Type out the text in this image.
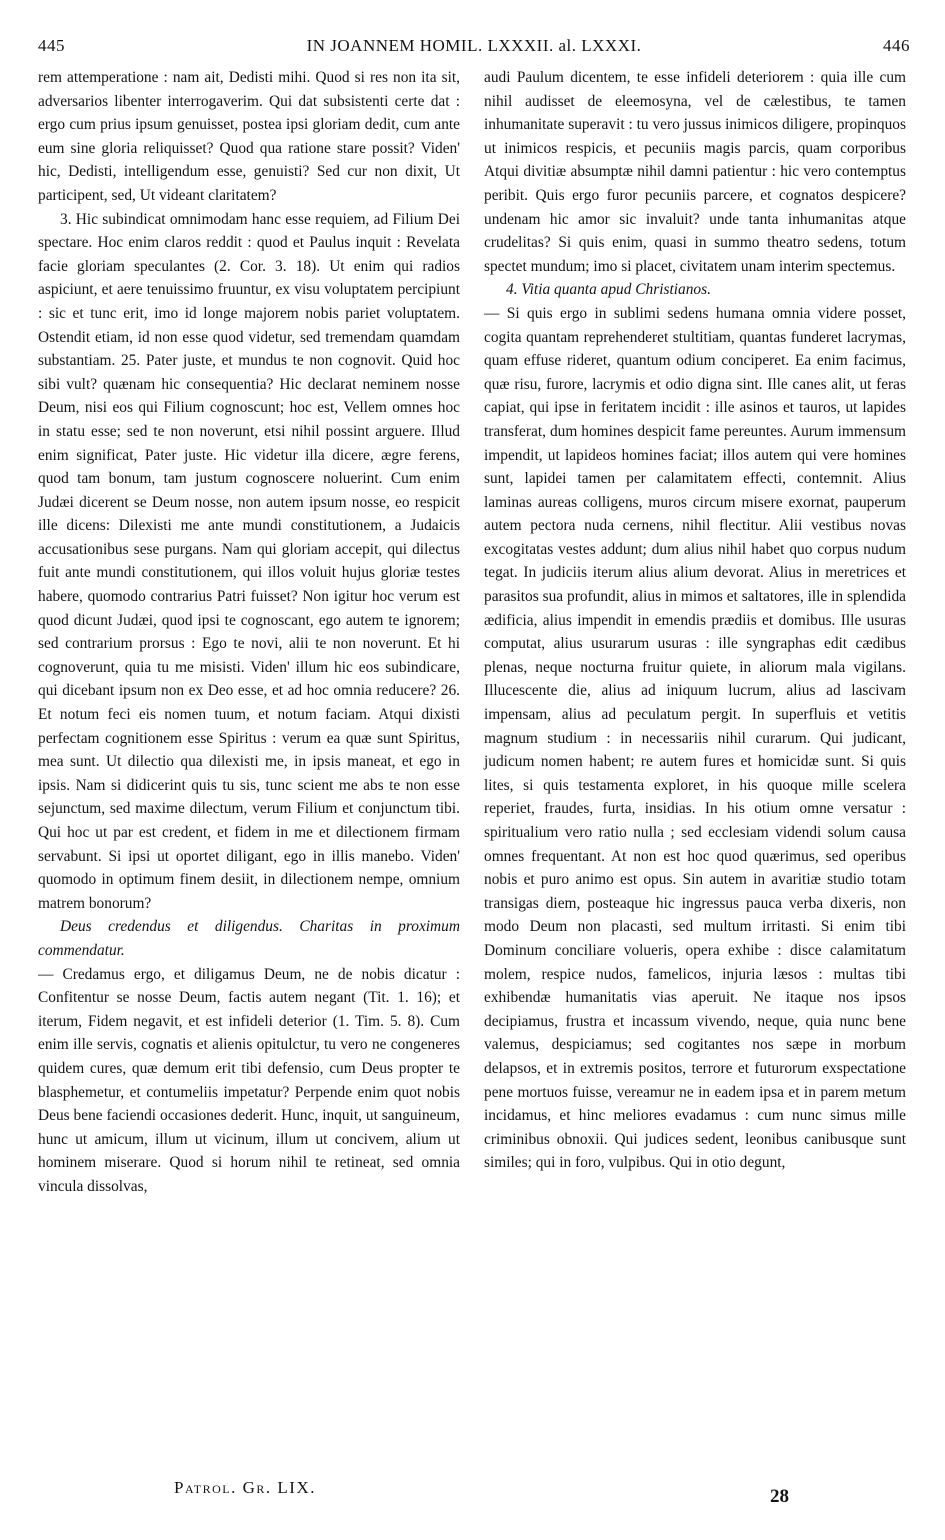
445	IN JOANNEM HOMIL. LXXXII. al. LXXXI.	446

rem attemperatione : nam ait, Dedisti mihi. Quod si res non ita sit, adversarios libenter interrogaverim. Qui dat subsistenti certe dat : ergo cum prius ipsum genuisset, postea ipsi gloriam dedit, cum ante eum sine gloria reliquisset? Quod qua ratione stare possit? Viden' hic, Dedisti, intelligendum esse, genuisti? Sed cur non dixit, Ut participent, sed, Ut videant claritatem?

3. Hic subindicat omnimodam hanc esse requiem, ad Filium Dei spectare. Hoc enim claros reddit : quod et Paulus inquit : Revelata facie gloriam speculantes (2. Cor. 3. 18). Ut enim qui radios aspiciunt, et aere tenuissimo fruuntur, ex visu voluptatem percipiunt : sic et tunc erit, imo id longe majorem nobis pariet voluptatem. Ostendit etiam, id non esse quod videtur, sed tremendam quamdam substantiam. 25. Pater juste, et mundus te non cognovit. Quid hoc sibi vult? quænam hic consequentia? Hic declarat neminem nosse Deum, nisi eos qui Filium cognoscunt; hoc est, Vellem omnes hoc in statu esse; sed te non noverunt, etsi nihil possint arguere. Illud enim significat, Pater juste. Hic videtur illa dicere, ægre ferens, quod tam bonum, tam justum cognoscere noluerint. Cum enim Judæi dicerent se Deum nosse, non autem ipsum nosse, eo respicit ille dicens: Dilexisti me ante mundi constitutionem, a Judaicis accusationibus sese purgans. Nam qui gloriam accepit, qui dilectus fuit ante mundi constitutionem, qui illos voluit hujus gloriæ testes habere, quomodo contrarius Patri fuisset? Non igitur hoc verum est quod dicunt Judæi, quod ipsi te cognoscant, ego autem te ignorem; sed contrarium prorsus : Ego te novi, alii te non noverunt. Et hi cognoverunt, quia tu me misisti. Viden' illum hic eos subindicare, qui dicebant ipsum non ex Deo esse, et ad hoc omnia reducere? 26. Et notum feci eis nomen tuum, et notum faciam. Atqui dixisti perfectam cognitionem esse Spiritus : verum ea quæ sunt Spiritus, mea sunt. Ut dilectio qua dilexisti me, in ipsis maneat, et ego in ipsis. Nam si didicerint quis tu sis, tunc scient me abs te non esse sejunctum, sed maxime dilectum, verum Filium et conjunctum tibi. Qui hoc ut par est credent, et fidem in me et dilectionem firmam servabunt. Si ipsi ut oportet diligant, ego in illis manebo. Viden' quomodo in optimum finem desiit, in dilectionem nempe, omnium matrem bonorum?

Deus credendus et diligendus. Charitas in proximum commendatur.

— Credamus ergo, et diligamus Deum, ne de nobis dicatur : Confitentur se nosse Deum, factis autem negant (Tit. 1. 16); et iterum, Fidem negavit, et est infideli deterior (1. Tim. 5. 8). Cum enim ille servis, cognatis et alienis opitulctur, tu vero ne congeneres quidem cures, quæ demum erit tibi defensio, cum Deus propter te blasphemetur, et contumeliis impetatur? Perpende enim quot nobis Deus bene faciendi occasiones dederit. Hunc, inquit, ut sanguineum, hunc ut amicum, illum ut vicinum, illum ut concivem, alium ut hominem miserare. Quod si horum nihil te retineat, sed omnia vincula dissolvas,

audi Paulum dicentem, te esse infideli deteriorem : quia ille cum nihil audisset de eleemosyna, vel de cælestibus, te tamen inhumanitate superavit : tu vero jussus inimicos diligere, propinquos ut inimicos respicis, et pecuniis magis parcis, quam corporibus Atqui divitiæ absumptæ nihil damni patientur : hic vero contemptus peribit. Quis ergo furor pecuniis parcere, et cognatos despicere? undenam hic amor sic invaluit? unde tanta inhumanitas atque crudelitas? Si quis enim, quasi in summo theatro sedens, totum spectet mundum; imo si placet, civitatem unam interim spectemus.

4. Vitia quanta apud Christianos.

— Si quis ergo in sublimi sedens humana omnia videre posset, cogita quantam reprehenderet stultitiam, quantas funderet lacrymas, quam effuse rideret, quantum odium conciperet. Ea enim facimus, quæ risu, furore, lacrymis et odio digna sint. Ille canes alit, ut feras capiat, qui ipse in feritatem incidit : ille asinos et tauros, ut lapides transferat, dum homines despicit fame pereuntes. Aurum immensum impendit, ut lapideos homines faciat; illos autem qui vere homines sunt, lapidei tamen per calamitatem effecti, contemnit. Alius laminas aureas colligens, muros circum misere exornat, pauperum autem pectora nuda cernens, nihil flectitur. Alii vestibus novas excogitatas vestes addunt; dum alius nihil habet quo corpus nudum tegat. In judiciis iterum alius alium devorat. Alius in meretrices et parasitos sua profundit, alius in mimos et saltatores, ille in splendida ædificia, alius impendit in emendis prædiis et domibus. Ille usuras computat, alius usurarum usuras : ille syngraphas edit cædibus plenas, neque nocturna fruitur quiete, in aliorum mala vigilans. Illucescente die, alius ad iniquum lucrum, alius ad lascivam impensam, alius ad peculatum pergit. In superfluis et vetitis magnum studium : in necessariis nihil curarum. Qui judicant, judicum nomen habent; re autem fures et homicidæ sunt. Si quis lites, si quis testamenta exploret, in his quoque mille scelera reperiet, fraudes, furta, insidias. In his otium omne versatur : spiritualium vero ratio nulla ; sed ecclesiam videndi solum causa omnes frequentant. At non est hoc quod quærimus, sed operibus nobis et puro animo est opus. Sin autem in avaritiæ studio totam transigas diem, posteaque hic ingressus pauca verba dixeris, non modo Deum non placasti, sed multum irritasti. Si enim tibi Dominum conciliare volueris, opera exhibe : disce calamitatum molem, respice nudos, famelicos, injuria læsos : multas tibi exhibendæ humanitatis vias aperuit. Ne itaque nos ipsos decipiamus, frustra et incassum vivendo, neque, quia nunc bene valemus, despiciamus; sed cogitantes nos sæpe in morbum delapsos, et in extremis positos, terrore et futurorum exspectatione pene mortuos fuisse, vereamur ne in eadem ipsa et in parem metum incidamus, et hinc meliores evadamus : cum nunc simus mille criminibus obnoxii. Qui judices sedent, leonibus canibusque sunt similes; qui in foro, vulpibus. Qui in otio degunt,

Patrol. Gr. LIX.	28
